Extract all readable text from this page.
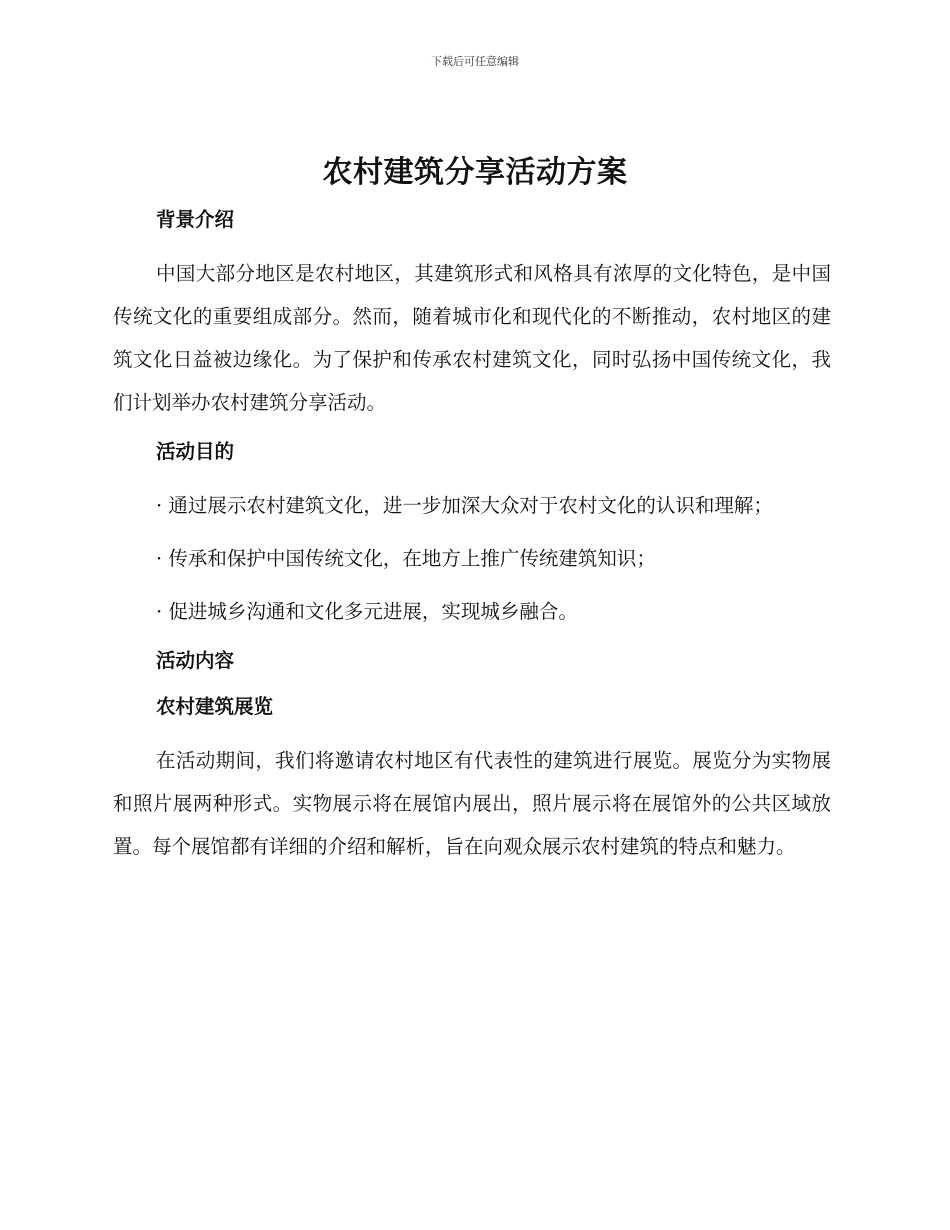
下载后可任意编辑
农村建筑分享活动方案
背景介绍

中国大部分地区是农村地区，其建筑形式和风格具有浓厚的文化特色，是中国传统文化的重要组成部分。然而，随着城市化和现代化的不断推动，农村地区的建筑文化日益被边缘化。为了保护和传承农村建筑文化，同时弘扬中国传统文化，我们计划举办农村建筑分享活动。

活动目的

· 通过展示农村建筑文化，进一步加深大众对于农村文化的认识和理解；

· 传承和保护中国传统文化，在地方上推广传统建筑知识；

· 促进城乡沟通和文化多元进展，实现城乡融合。

活动内容
农村建筑展览

在活动期间，我们将邀请农村地区有代表性的建筑进行展览。展览分为实物展和照片展两种形式。实物展示将在展馆内展出，照片展示将在展馆外的公共区域放置。每个展馆都有详细的介绍和解析，旨在向观众展示农村建筑的特点和魅力。
